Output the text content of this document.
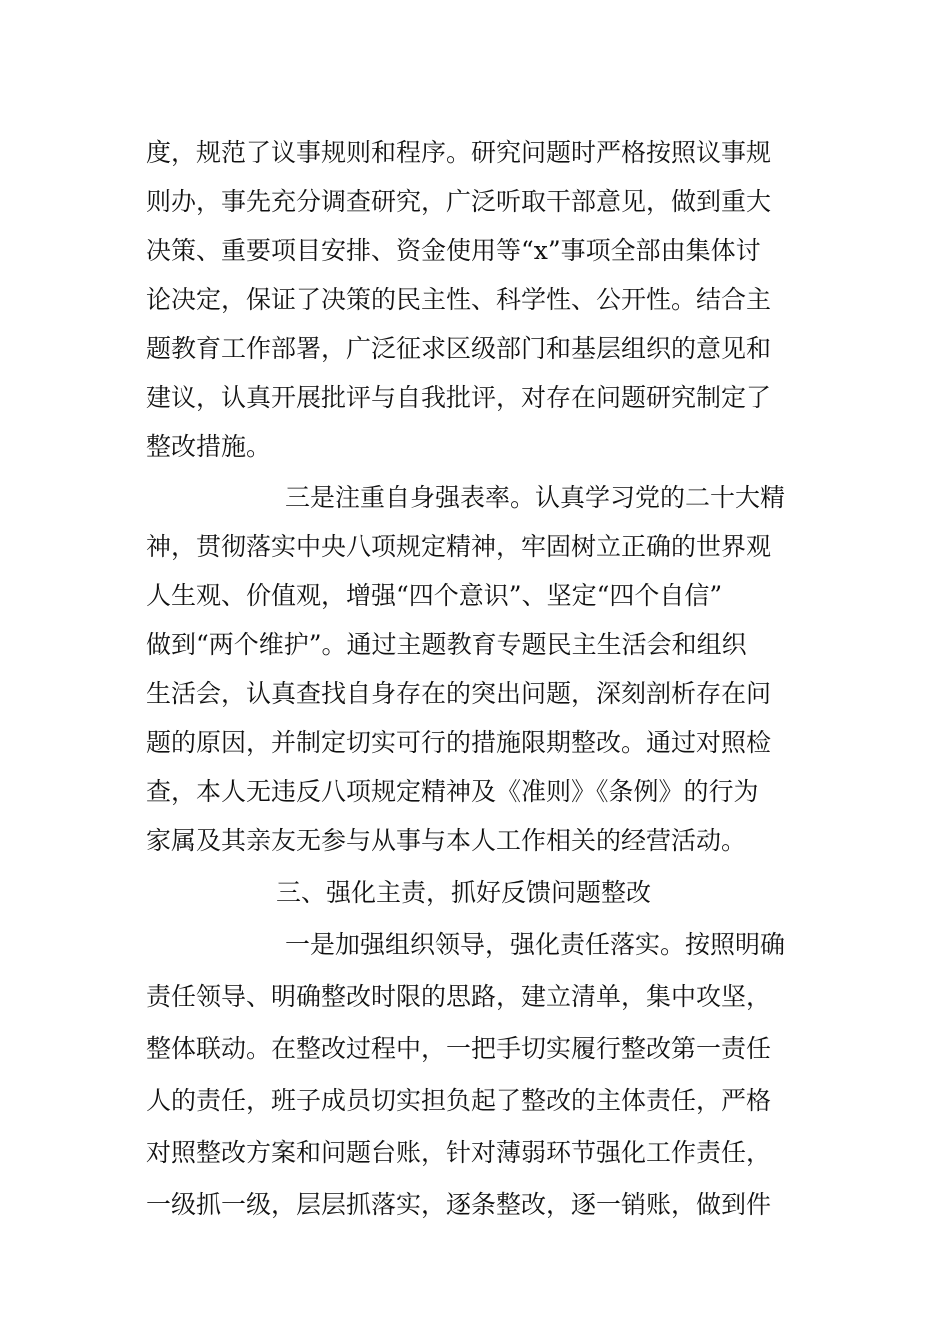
度，规范了议事规则和程序。研究问题时严格按照议事规
则办，事先充分调查研究，广泛听取干部意见，做到重大
决策、重要项目安排、资金使用等“x”事项全部由集体讨
论决定，保证了决策的民主性、科学性、公开性。结合主
题教育工作部署，广泛征求区级部门和基层组织的意见和
建议，认真开展批评与自我批评，对存在问题研究制定了
整改措施。
三是注重自身强表率。认真学习党的二十大精
神，贯彻落实中央八项规定精神，牢固树立正确的世界观
人生观、价值观，增强“四个意识”、坚定“四个自信”
做到“两个维护”。通过主题教育专题民主生活会和组织
生活会，认真查找自身存在的突出问题，深刻剖析存在问
题的原因，并制定切实可行的措施限期整改。通过对照检
查，本人无违反八项规定精神及《准则》《条例》的行为
家属及其亲友无参与从事与本人工作相关的经营活动。
三、强化主责，抓好反馈问题整改
一是加强组织领导，强化责任落实。按照明确
责任领导、明确整改时限的思路，建立清单，集中攻坚，
整体联动。在整改过程中，一把手切实履行整改第一责任
人的责任，班子成员切实担负起了整改的主体责任，严格
对照整改方案和问题台账，针对薄弱环节强化工作责任，
一级抓一级，层层抓落实，逐条整改，逐一销账，做到件
